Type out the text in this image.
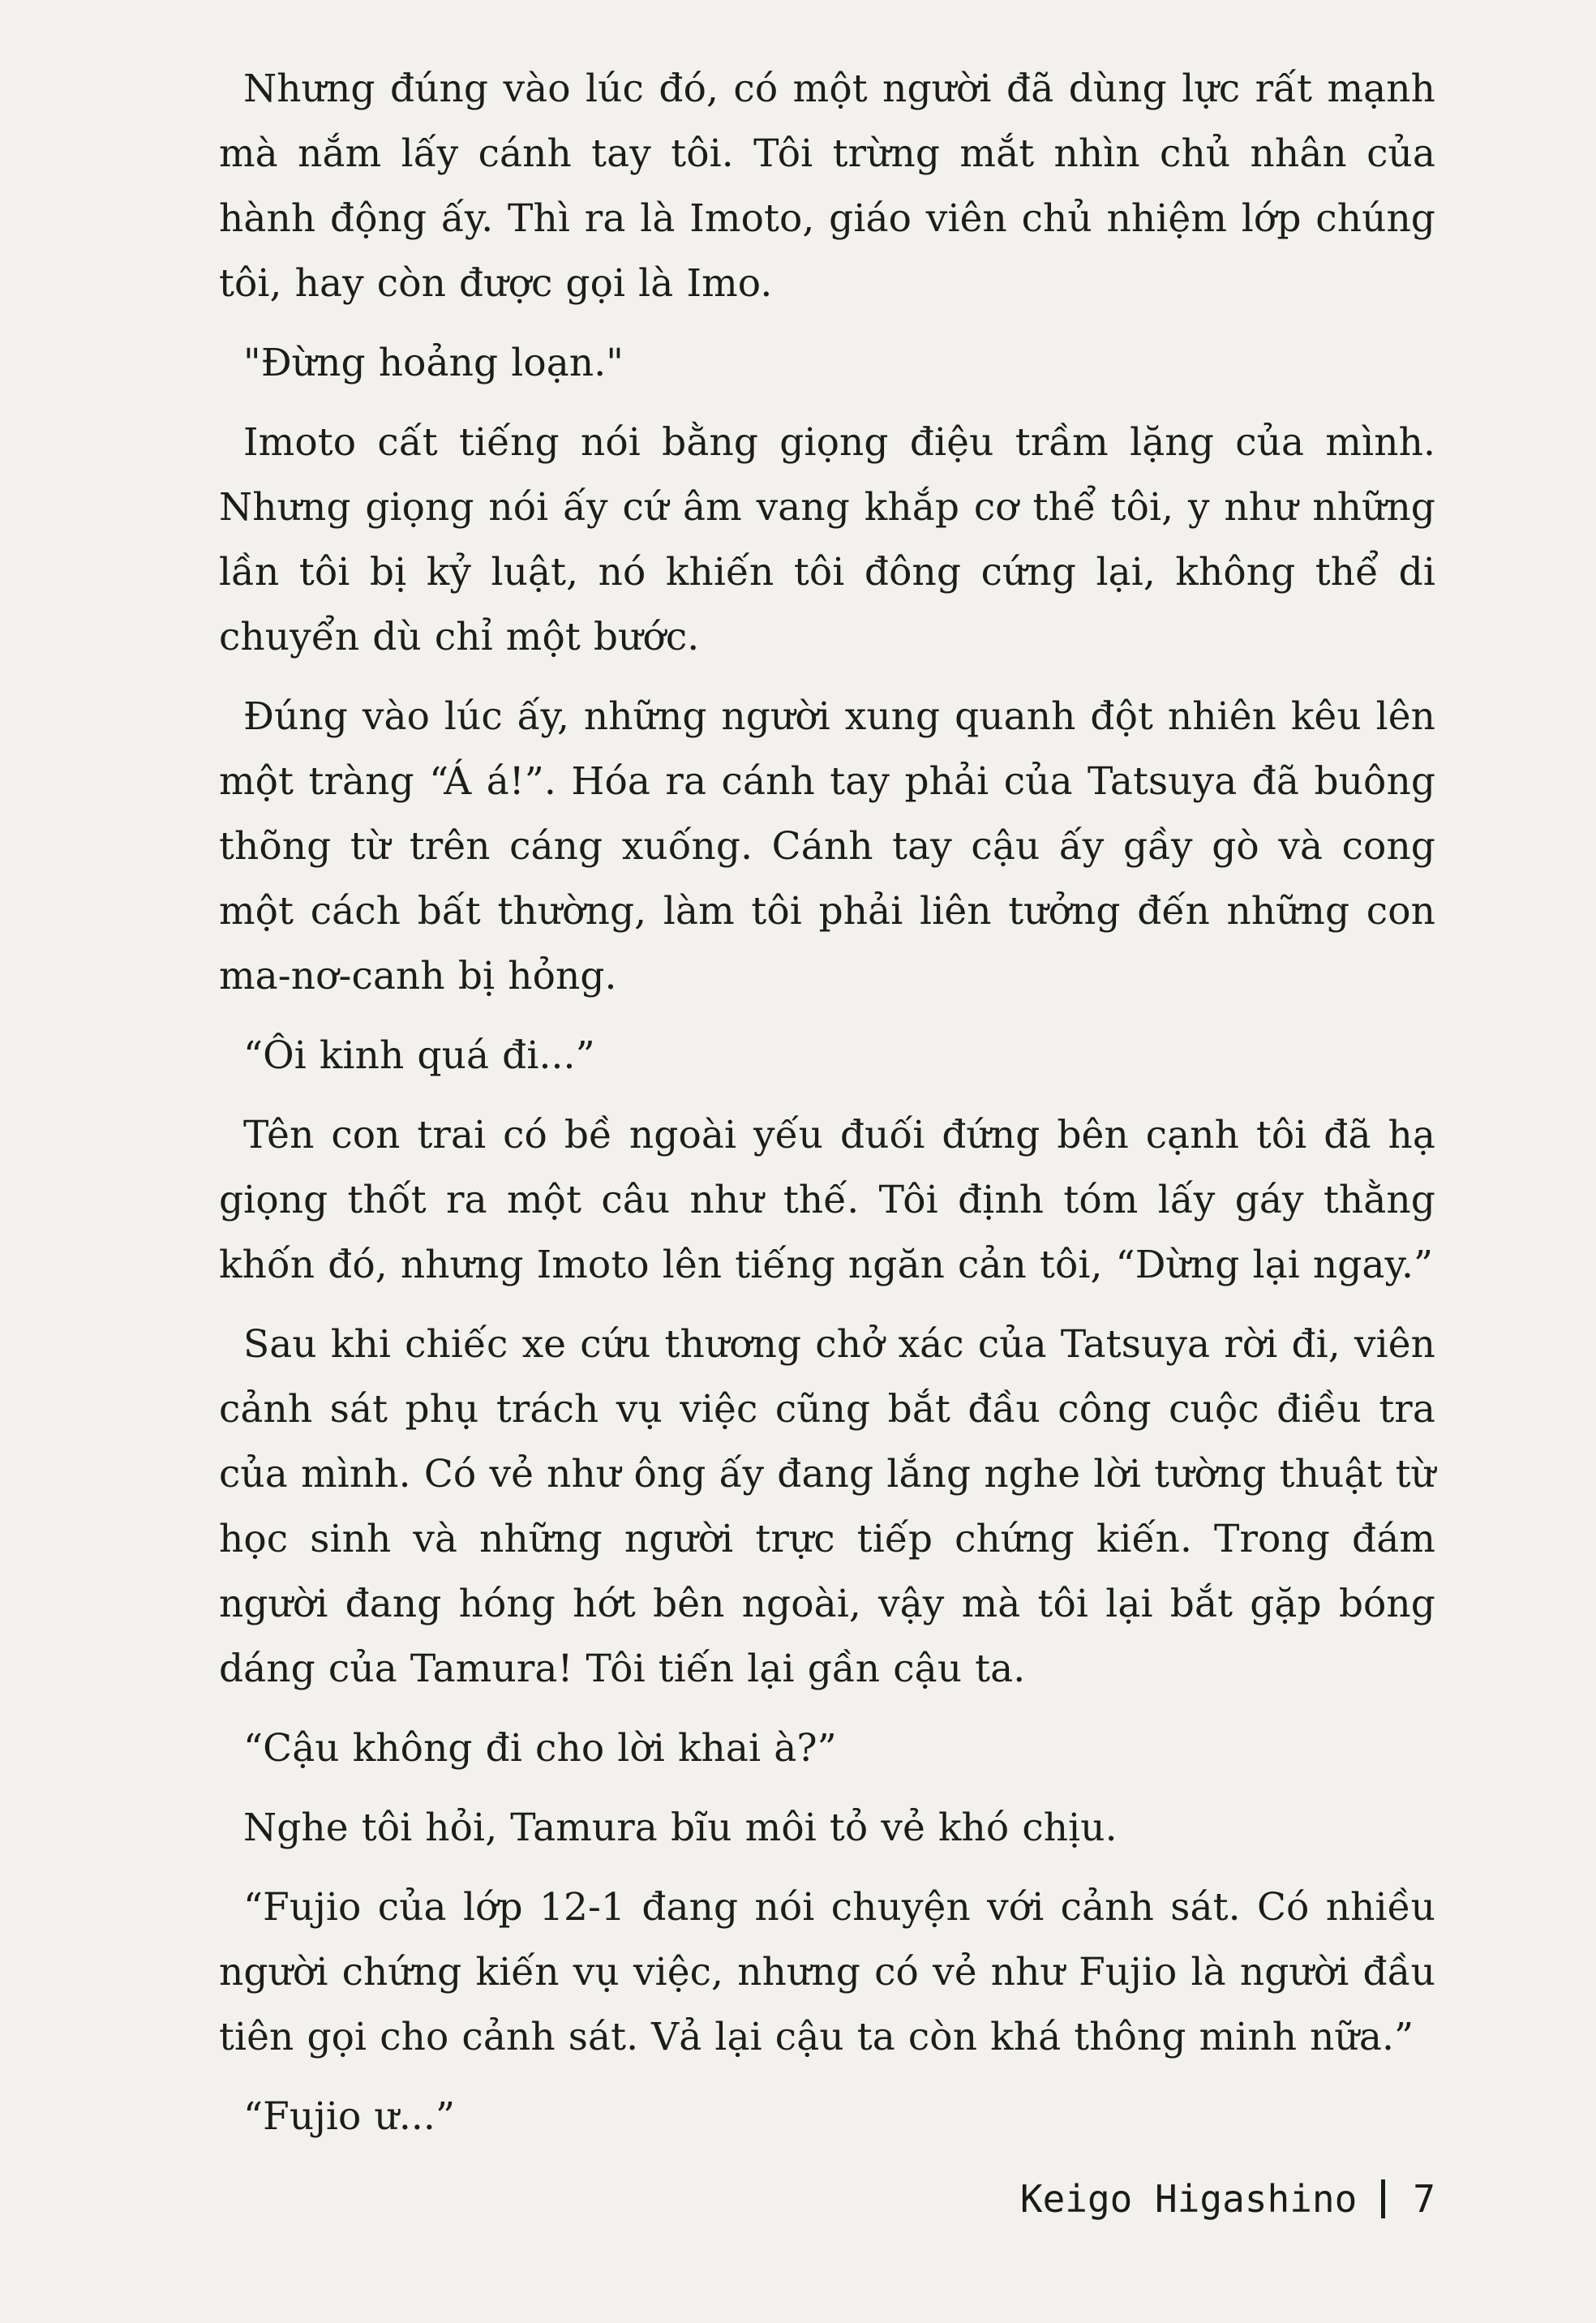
Nhưng đúng vào lúc đó, có một người đã dùng lực rất mạnh mà nắm lấy cánh tay tôi. Tôi trừng mắt nhìn chủ nhân của hành động ấy. Thì ra là Imoto, giáo viên chủ nhiệm lớp chúng tôi, hay còn được gọi là Imo.

"Đừng hoảng loạn."

Imoto cất tiếng nói bằng giọng điệu trầm lặng của mình. Nhưng giọng nói ấy cứ âm vang khắp cơ thể tôi, y như những lần tôi bị kỷ luật, nó khiến tôi đông cứng lại, không thể di chuyển dù chỉ một bước.

Đúng vào lúc ấy, những người xung quanh đột nhiên kêu lên một tràng “Á á!”. Hóa ra cánh tay phải của Tatsuya đã buông thõng từ trên cáng xuống. Cánh tay cậu ấy gầy gò và cong một cách bất thường, làm tôi phải liên tưởng đến những con ma-nơ-canh bị hỏng.

“Ôi kinh quá đi...”

Tên con trai có bề ngoài yếu đuối đứng bên cạnh tôi đã hạ giọng thốt ra một câu như thế. Tôi định tóm lấy gáy thằng khốn đó, nhưng Imoto lên tiếng ngăn cản tôi, “Dừng lại ngay.”

Sau khi chiếc xe cứu thương chở xác của Tatsuya rời đi, viên cảnh sát phụ trách vụ việc cũng bắt đầu công cuộc điều tra của mình. Có vẻ như ông ấy đang lắng nghe lời tường thuật từ học sinh và những người trực tiếp chứng kiến. Trong đám người đang hóng hớt bên ngoài, vậy mà tôi lại bắt gặp bóng dáng của Tamura! Tôi tiến lại gần cậu ta.

“Cậu không đi cho lời khai à?”

Nghe tôi hỏi, Tamura bĩu môi tỏ vẻ khó chịu.

“Fujio của lớp 12-1 đang nói chuyện với cảnh sát. Có nhiều người chứng kiến vụ việc, nhưng có vẻ như Fujio là người đầu tiên gọi cho cảnh sát. Vả lại cậu ta còn khá thông minh nữa.”

“Fujio ư...”

Keigo Higashino 7
